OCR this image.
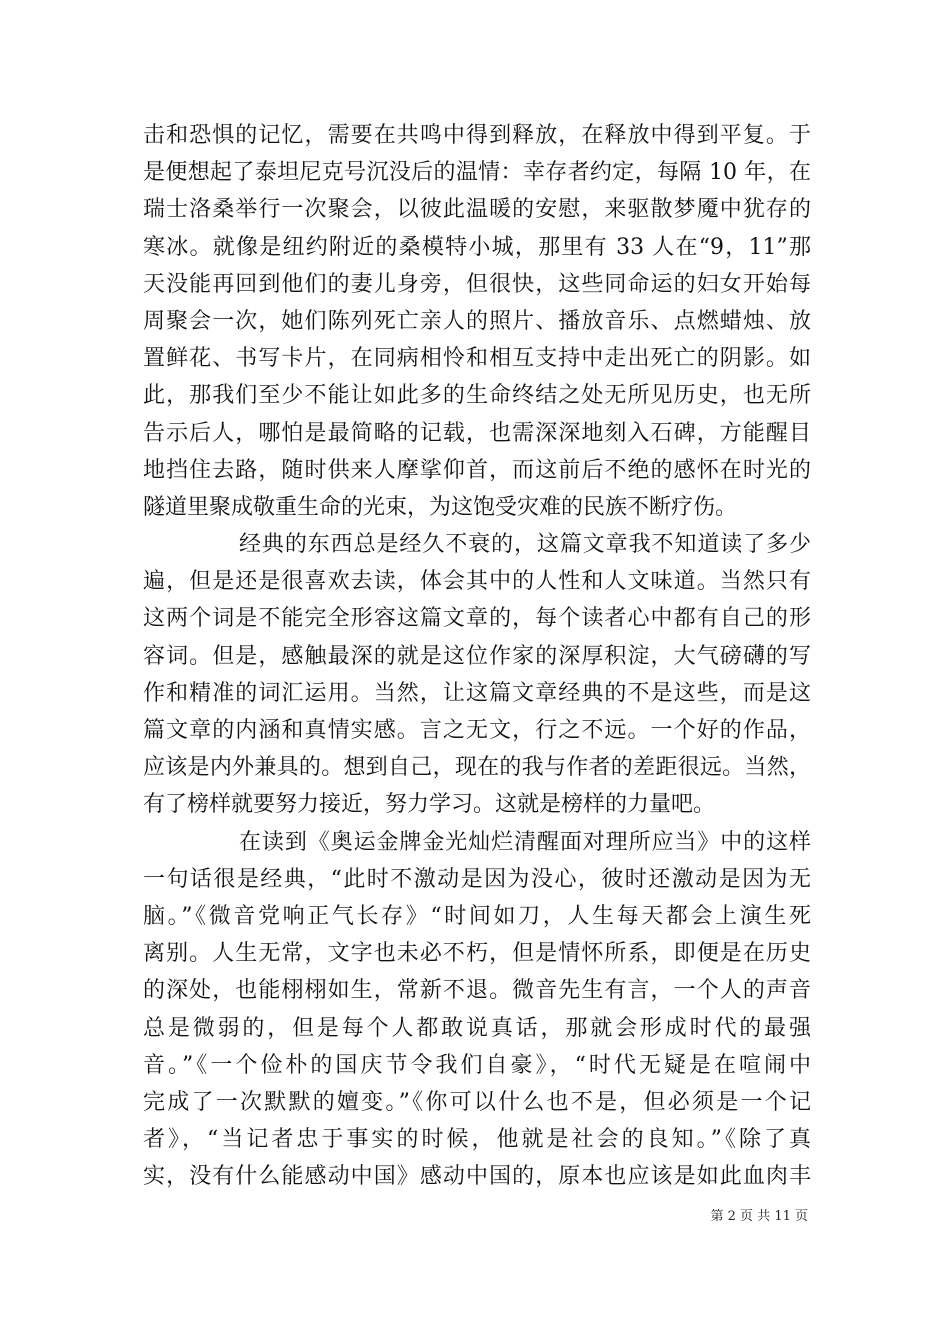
击和恐惧的记忆，需要在共鸣中得到释放，在释放中得到平复。于
是便想起了泰坦尼克号沉没后的温情：幸存者约定，每隔 10 年，在
瑞士洛桑举行一次聚会，以彼此温暖的安慰，来驱散梦魇中犹存的
寒冰。就像是纽约附近的桑模特小城，那里有 33 人在“9，11”那
天没能再回到他们的妻儿身旁，但很快，这些同命运的妇女开始每
周聚会一次，她们陈列死亡亲人的照片、播放音乐、点燃蜡烛、放
置鲜花、书写卡片，在同病相怜和相互支持中走出死亡的阴影。如
此，那我们至少不能让如此多的生命终结之处无所见历史，也无所
告示后人，哪怕是最简略的记载，也需深深地刻入石碑，方能醒目
地挡住去路，随时供来人摩挲仰首，而这前后不绝的感怀在时光的
隧道里聚成敬重生命的光束，为这饱受灾难的民族不断疗伤。
经典的东西总是经久不衰的，这篇文章我不知道读了多少
遍，但是还是很喜欢去读，体会其中的人性和人文味道。当然只有
这两个词是不能完全形容这篇文章的，每个读者心中都有自己的形
容词。但是，感触最深的就是这位作家的深厚积淀，大气磅礴的写
作和精准的词汇运用。当然，让这篇文章经典的不是这些，而是这
篇文章的内涵和真情实感。言之无文，行之不远。一个好的作品，
应该是内外兼具的。想到自己，现在的我与作者的差距很远。当然，
有了榜样就要努力接近，努力学习。这就是榜样的力量吧。
在读到《奥运金牌金光灿烂清醒面对理所应当》中的这样
一句话很是经典，“此时不激动是因为没心，彼时还激动是因为无
脑。”《微音党响正气长存》“时间如刀，人生每天都会上演生死
离别。人生无常，文字也未必不朽，但是情怀所系，即便是在历史
的深处，也能栩栩如生，常新不退。微音先生有言，一个人的声音
总是微弱的，但是每个人都敢说真话，那就会形成时代的最强
音。”《一个俭朴的国庆节令我们自豪》，“时代无疑是在喧闹中
完成了一次默默的嬗变。”《你可以什么也不是，但必须是一个记
者》，“当记者忠于事实的时候，他就是社会的良知。”《除了真
实，没有什么能感动中国》感动中国的，原本也应该是如此血肉丰
第 2 页 共 11 页
